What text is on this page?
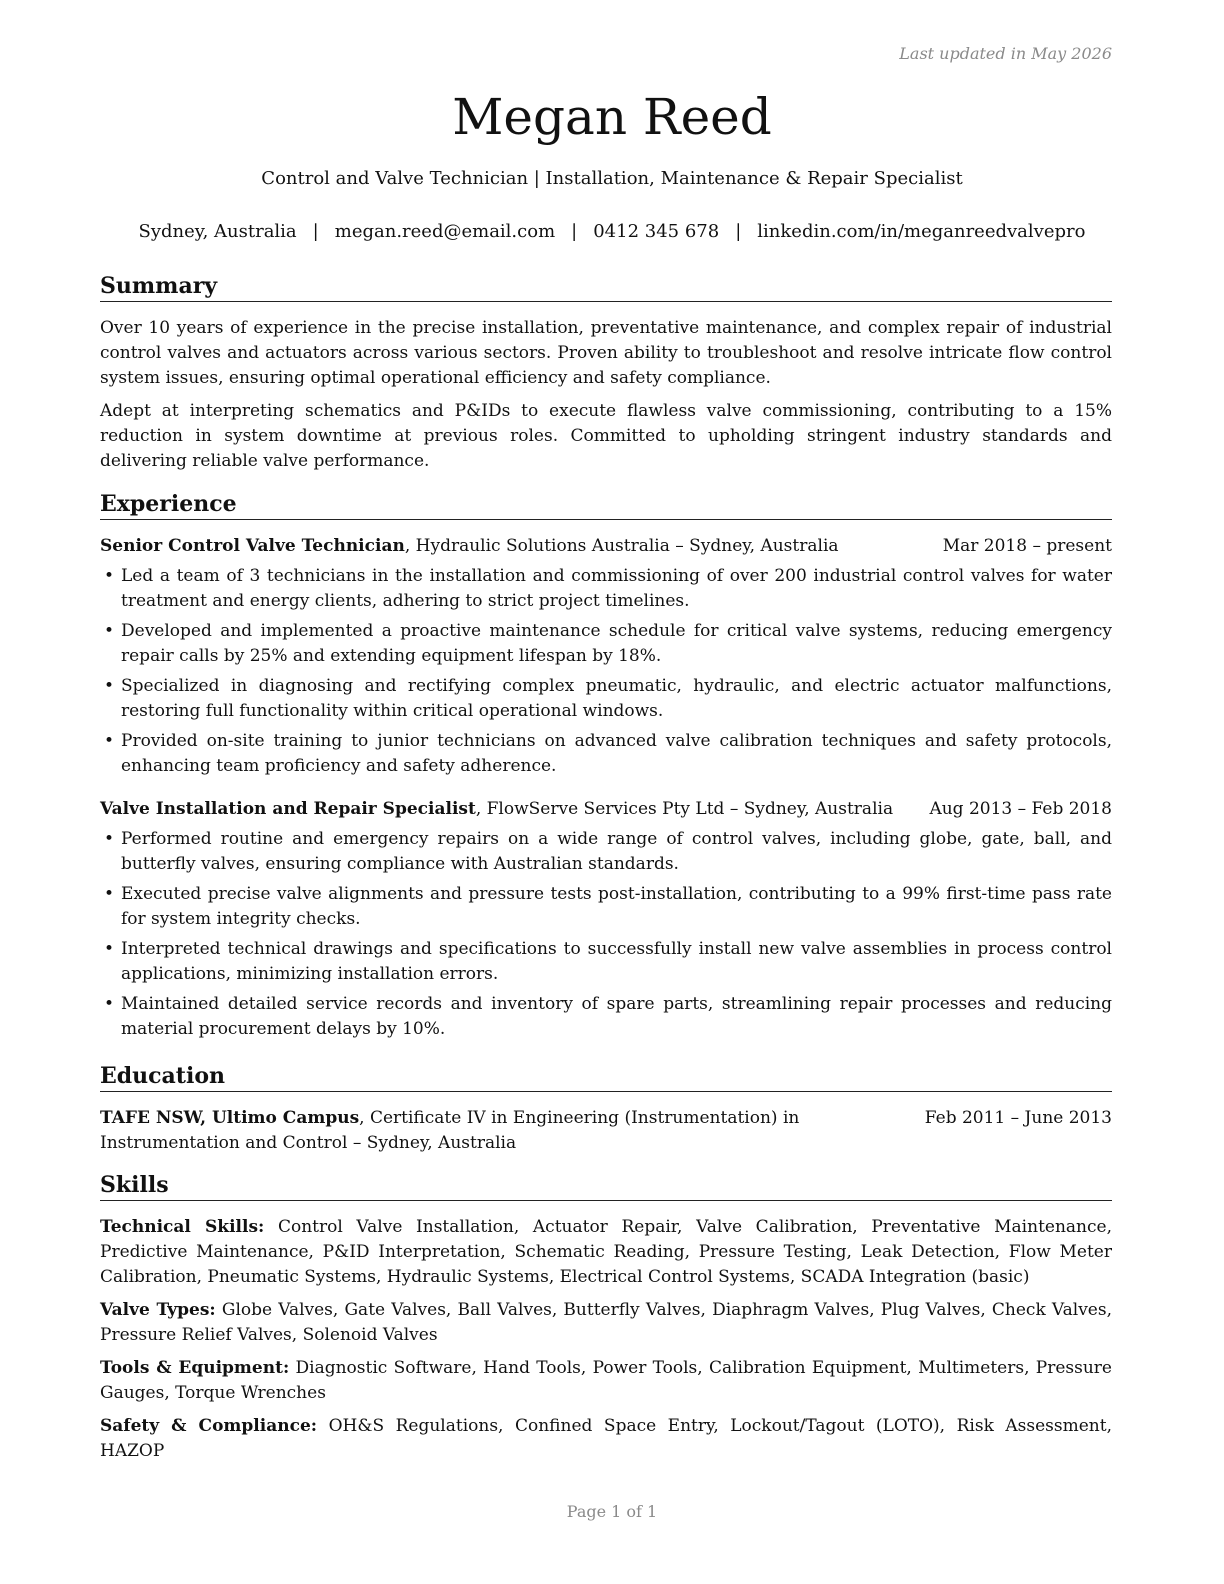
Last updated in May 2026
Megan Reed
Control and Valve Technician | Installation, Maintenance & Repair Specialist
Sydney, Australia | megan.reed@email.com | 0412 345 678 | linkedin.com/in/meganreedvalvepro
Summary

Over 10 years of experience in the precise installation, preventative maintenance, and complex repair of industrial control valves and actuators across various sectors. Proven ability to troubleshoot and resolve intricate flow control system issues, ensuring optimal operational efficiency and safety compliance.

Adept at interpreting schematics and P&IDs to execute flawless valve commissioning, contributing to a 15% reduction in system downtime at previous roles. Committed to upholding stringent industry standards and delivering reliable valve performance.

Experience
Senior Control Valve Technician, Hydraulic Solutions Australia – Sydney, Australia	Mar 2018 – present
• Led a team of 3 technicians in the installation and commissioning of over 200 industrial control valves for water treatment and energy clients, adhering to strict project timelines.
• Developed and implemented a proactive maintenance schedule for critical valve systems, reducing emergency repair calls by 25% and extending equipment lifespan by 18%.
• Specialized in diagnosing and rectifying complex pneumatic, hydraulic, and electric actuator malfunctions, restoring full functionality within critical operational windows.
• Provided on-site training to junior technicians on advanced valve calibration techniques and safety protocols, enhancing team proficiency and safety adherence.
Valve Installation and Repair Specialist, FlowServe Services Pty Ltd – Sydney, Australia Aug 2013 – Feb 2018
• Performed routine and emergency repairs on a wide range of control valves, including globe, gate, ball, and butterfly valves, ensuring compliance with Australian standards.
• Executed precise valve alignments and pressure tests post-installation, contributing to a 99% first-time pass rate for system integrity checks.
• Interpreted technical drawings and specifications to successfully install new valve assemblies in process control applications, minimizing installation errors.
• Maintained detailed service records and inventory of spare parts, streamlining repair processes and reducing material procurement delays by 10%.
Education
TAFE NSW, Ultimo Campus, Certificate IV in Engineering (Instrumentation) in Instrumentation and Control – Sydney, Australia
Feb 2011 – June 2013
Skills

Technical Skills: Control Valve Installation, Actuator Repair, Valve Calibration, Preventative Maintenance, Predictive Maintenance, P&ID Interpretation, Schematic Reading, Pressure Testing, Leak Detection, Flow Meter Calibration, Pneumatic Systems, Hydraulic Systems, Electrical Control Systems, SCADA Integration (basic)

Valve Types: Globe Valves, Gate Valves, Ball Valves, Butterfly Valves, Diaphragm Valves, Plug Valves, Check Valves, Pressure Relief Valves, Solenoid Valves

Tools & Equipment: Diagnostic Software, Hand Tools, Power Tools, Calibration Equipment, Multimeters, Pressure Gauges, Torque Wrenches

Safety & Compliance: OH&S Regulations, Confined Space Entry, Lockout/Tagout (LOTO), Risk Assessment, HAZOP

Page 1 of 1
